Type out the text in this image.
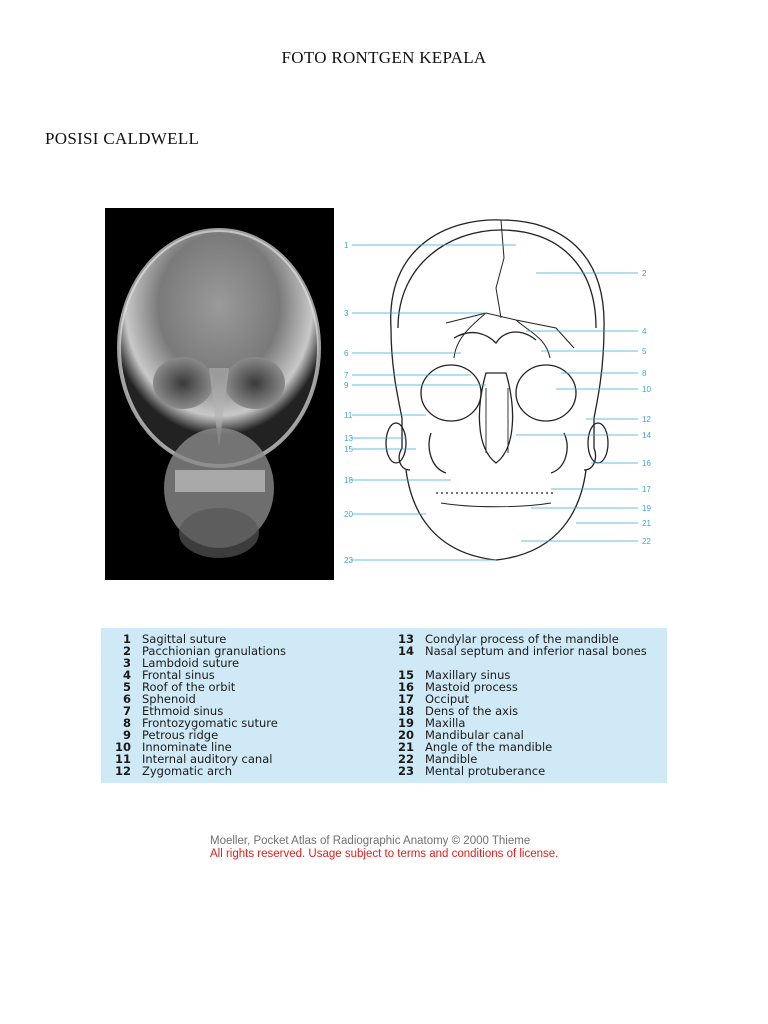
FOTO RONTGEN KEPALA
POSISI CALDWELL
1
2
3
4
5
6
7	8
9	10
11	12
13	14
15
16
17
18
19
20
21
22
23
1 Sagittal suture
2 Pacchionian granulations
3 Lambdoid suture
4 Frontal sinus
5 Roof of the orbit
6 Sphenoid
7 Ethmoid sinus
8 Frontozygomatic suture
9 Petrous ridge
10 Innominate line
11 Internal auditory canal
12 Zygomatic arch
13 Condylar process of the mandible
14 Nasal septum and inferior nasal bones
15 Maxillary sinus
16 Mastoid process
17 Occiput
18 Dens of the axis
19 Maxilla
20 Mandibular canal
21 Angle of the mandible
22 Mandible
23 Mental protuberance
Moeller, Pocket Atlas of Radiographic Anatomy © 2000 Thieme
All rights reserved. Usage subject to terms and conditions of license.
